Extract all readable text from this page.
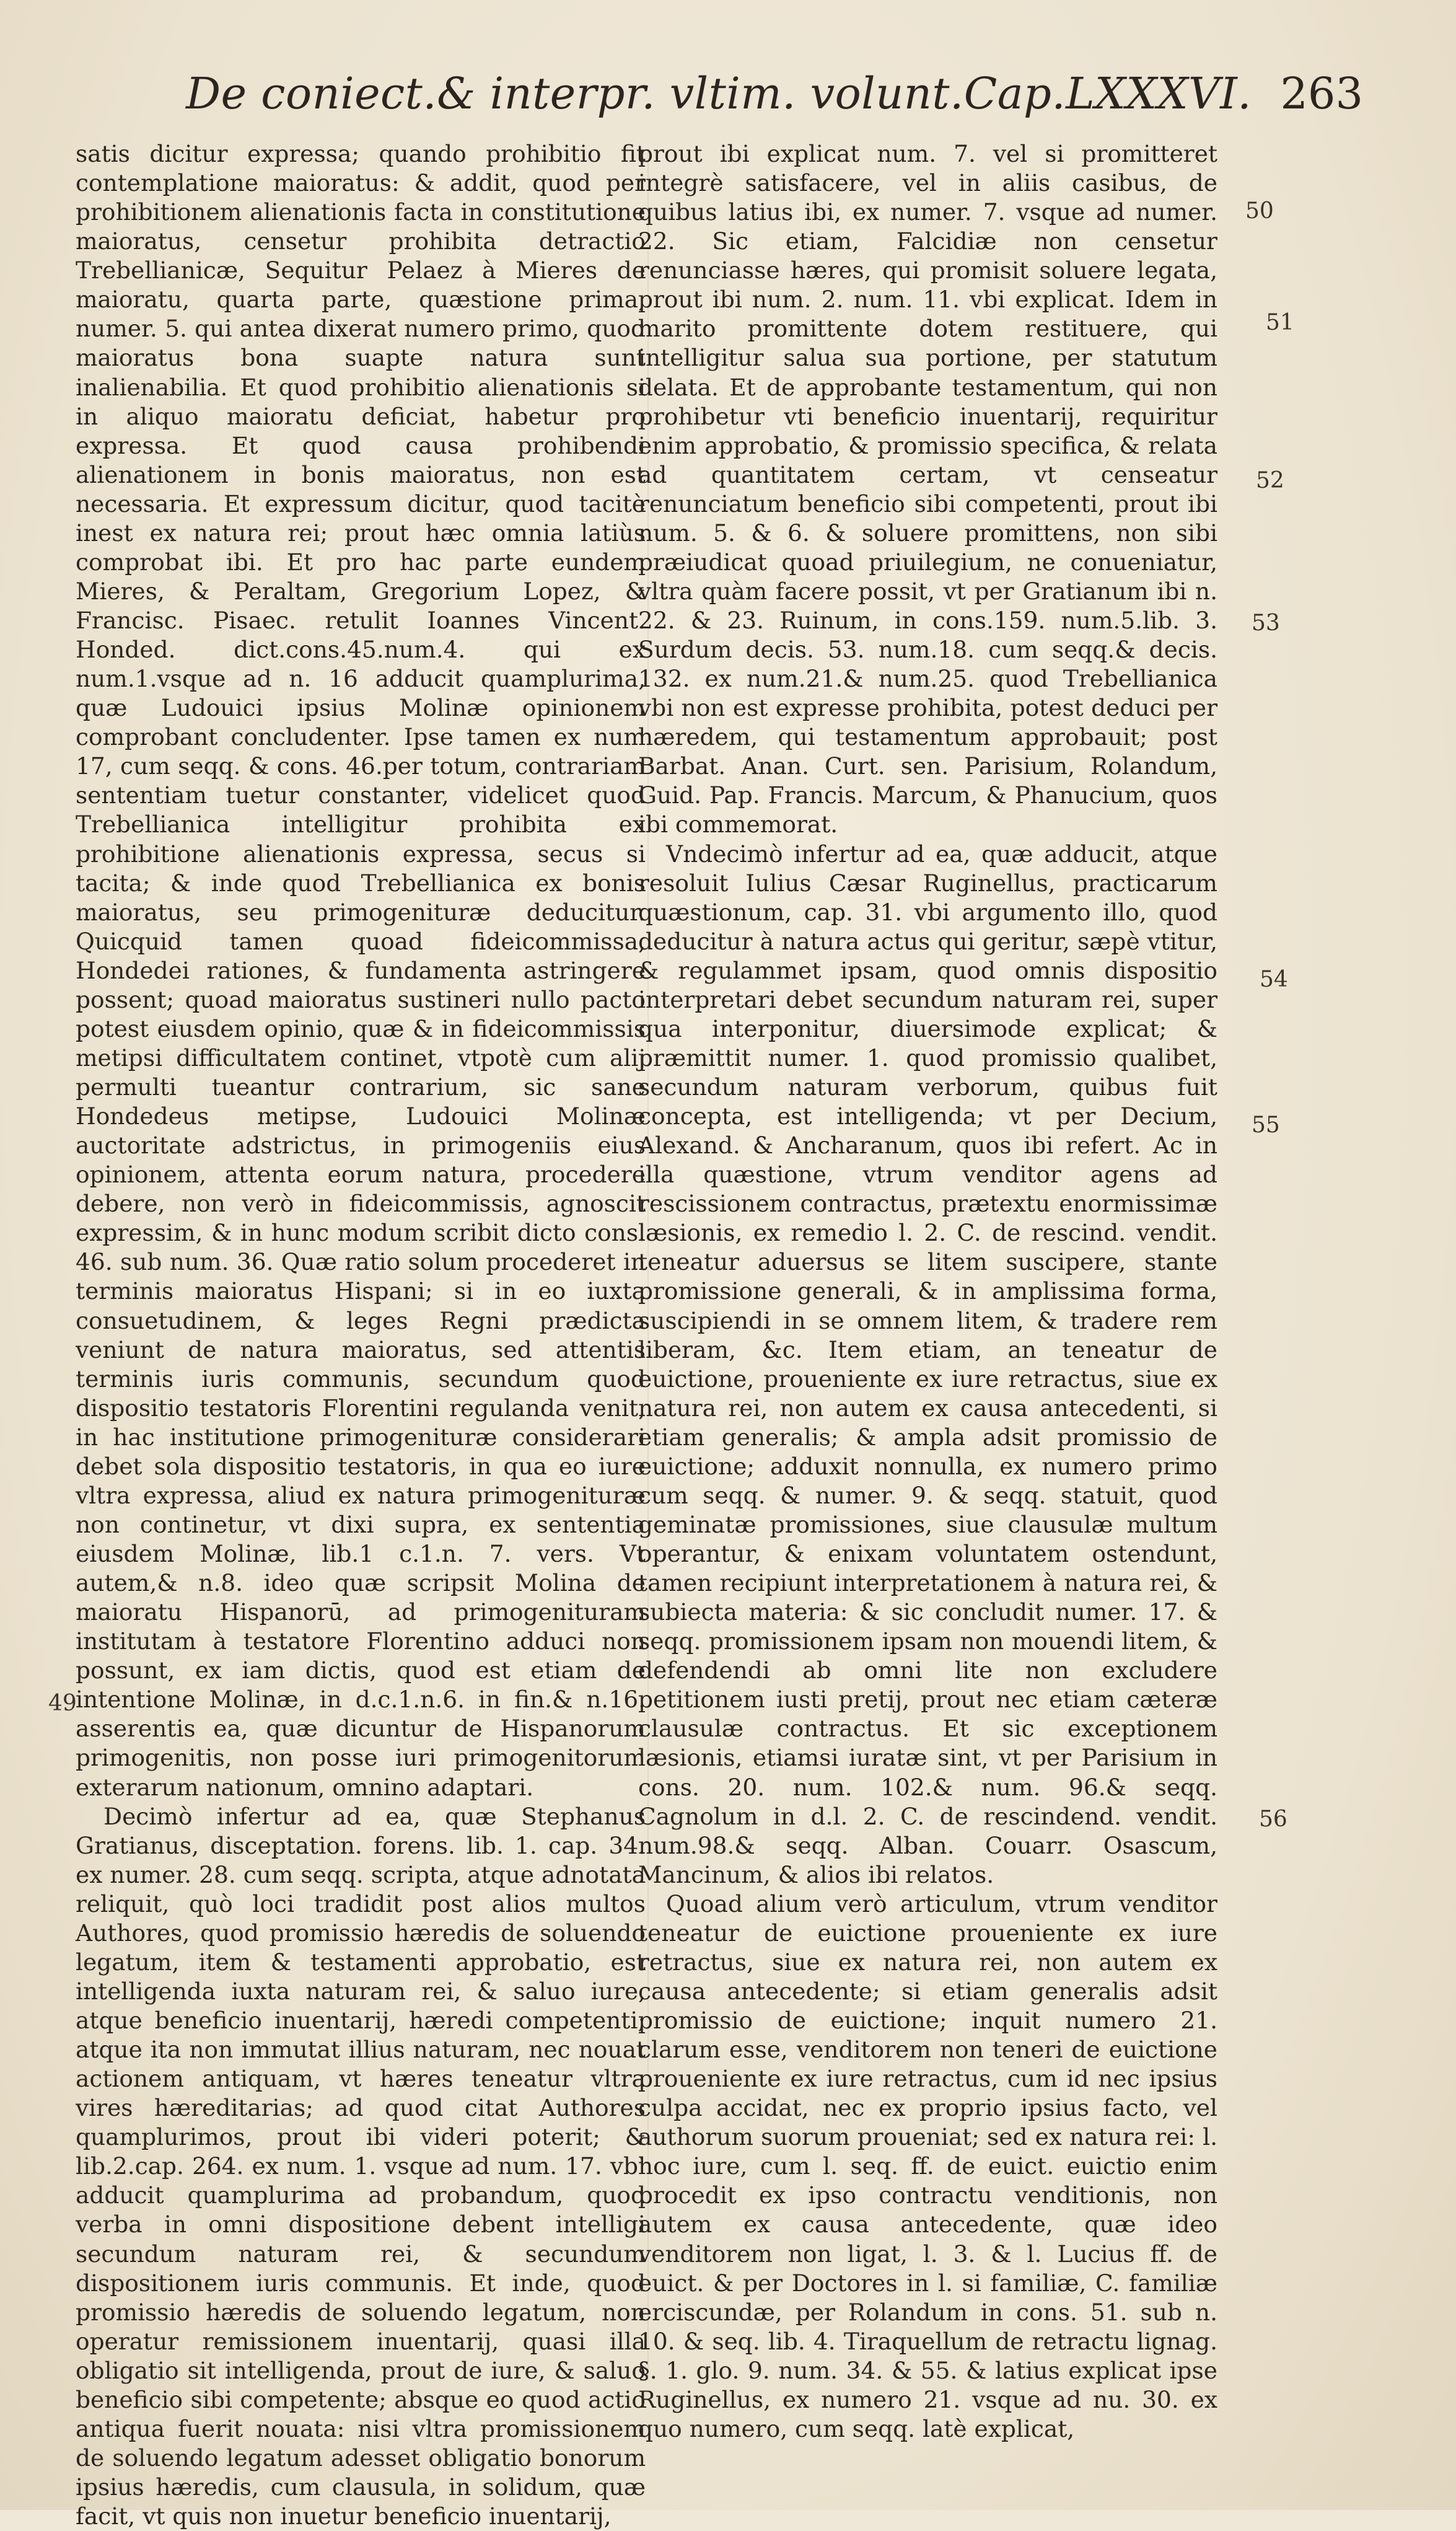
De coniect.& interpr. vltim. volunt.Cap.LXXXVI. 263

satis dicitur expressa; quando prohibitio fit contemplatione maioratus: & addit, quod per prohibitionem alienationis facta in constitutione maioratus, censetur prohibita detractio Trebellianicæ, Sequitur Pelaez à Mieres de maioratu, quarta parte, quæstione prima, numer. 5. qui antea dixerat numero primo, quod maioratus bona suapte natura sunt inalienabilia. Et quod prohibitio alienationis si in aliquo maioratu deficiat, habetur pro expressa. Et quod causa prohibendi alienationem in bonis maioratus, non est necessaria. Et expressum dicitur, quod tacitè inest ex natura rei; prout hæc omnia latiùs comprobat ibi. Et pro hac parte eundem Mieres, & Peraltam, Gregorium Lopez, & Francisc. Pisaec. retulit Ioannes Vincent. Honded. dict.cons.45.num.4. qui ex num.1.vsque ad n. 16 adducit quamplurima, quæ Ludouici ipsius Molinæ opinionem comprobant concludenter. Ipse tamen ex num 17, cum seqq. & cons. 46.per totum, contrariam sententiam tuetur constanter, videlicet quod Trebellianica intelligitur prohibita ex prohibitione alienationis expressa, secus si tacita; & inde quod Trebellianica ex bonis maioratus, seu primogenituræ deducitur. Quicquid tamen quoad fideicommissa, Hondedei rationes, & fundamenta astringere possent; quoad maioratus sustineri nullo pacto potest eiusdem opinio, quæ & in fideicommissis metipsi difficultatem continet, vtpotè cum alij permulti tueantur contrarium, sic sane Hondedeus metipse, Ludouici Molinæ auctoritate adstrictus, in primogeniis eius opinionem, attenta eorum natura, procedere debere, non verò in fideicommissis, agnoscit expressim, & in hunc modum scribit dicto cons. 46. sub num. 36. Quæ ratio solum procederet in terminis maioratus Hispani; si in eo iuxta consuetudinem, & leges Regni prædicta veniunt de natura maioratus, sed attentis terminis iuris communis, secundum quod dispositio testatoris Florentini regulanda venit, in hac institutione primogenituræ considerari debet sola dispositio testatoris, in qua eo iure vltra expressa, aliud ex natura primogenituræ non continetur, vt dixi supra, ex sententia eiusdem Molinæ, lib.1 c.1.n. 7. vers. Vt autem,& n.8. ideo quæ scripsit Molina de maioratu Hispanorū, ad primogenituram institutam à testatore Florentino adduci non possunt, ex iam dictis, quod est etiam de intentione Molinæ, in d.c.1.n.6. in fin.& n.16. asserentis ea, quæ dicuntur de Hispanorum primogenitis, non posse iuri primogenitorum exterarum nationum, omnino adaptari.

Decimò infertur ad ea, quæ Stephanus Gratianus, disceptation. forens. lib. 1. cap. 34. ex numer. 28. cum seqq. scripta, atque adnotata reliquit, quò loci tradidit post alios multos Authores, quod promissio hæredis de soluendo legatum, item & testamenti approbatio, est intelligenda iuxta naturam rei, & saluo iure, atque beneficio inuentarij, hæredi competenti; atque ita non immutat illius naturam, nec nouat actionem antiquam, vt hæres teneatur vltra vires hæreditarias; ad quod citat Authores quamplurimos, prout ibi videri poterit; & lib.2.cap. 264. ex num. 1. vsque ad num. 17. vbi adducit quamplurima ad probandum, quod verba in omni dispositione debent intelligi secundum naturam rei, & secundum dispositionem iuris communis. Et inde, quod promissio hæredis de soluendo legatum, non operatur remissionem inuentarij, quasi illa obligatio sit intelligenda, prout de iure, & saluo beneficio sibi competente; absque eo quod actio antiqua fuerit nouata: nisi vltra promissionem de soluendo legatum adesset obligatio bonorum ipsius hæredis, cum clausula, in solidum, quæ facit, vt quis non inuetur beneficio inuentarij,

prout ibi explicat num. 7. vel si promitteret integrè satisfacere, vel in aliis casibus, de quibus latius ibi, ex numer. 7. vsque ad numer. 22. Sic etiam, Falcidiæ non censetur renunciasse hæres, qui promisit soluere legata, prout ibi num. 2. num. 11. vbi explicat. Idem in marito promittente dotem restituere, qui intelligitur salua sua portione, per statutum delata. Et de approbante testamentum, qui non prohibetur vti beneficio inuentarij, requiritur enim approbatio, & promissio specifica, & relata ad quantitatem certam, vt censeatur renunciatum beneficio sibi competenti, prout ibi num. 5. & 6. & soluere promittens, non sibi præiudicat quoad priuilegium, ne conueniatur, vltra quàm facere possit, vt per Gratianum ibi n. 22. & 23. Ruinum, in cons.159. num.5.lib. 3. Surdum decis. 53. num.18. cum seqq.& decis. 132. ex num.21.& num.25. quod Trebellianica vbi non est expresse prohibita, potest deduci per hæredem, qui testamentum approbauit; post Barbat. Anan. Curt. sen. Parisium, Rolandum, Guid. Pap. Francis. Marcum, & Phanucium, quos ibi commemorat.

Vndecimò infertur ad ea, quæ adducit, atque resoluit Iulius Cæsar Ruginellus, practicarum quæstionum, cap. 31. vbi argumento illo, quod deducitur à natura actus qui geritur, sæpè vtitur, & regulammet ipsam, quod omnis dispositio interpretari debet secundum naturam rei, super qua interponitur, diuersimode explicat; & præmittit numer. 1. quod promissio qualibet, secundum naturam verborum, quibus fuit concepta, est intelligenda; vt per Decium, Alexand. & Ancharanum, quos ibi refert. Ac in illa quæstione, vtrum venditor agens ad rescissionem contractus, prætextu enormissimæ læsionis, ex remedio l. 2. C. de rescind. vendit. teneatur aduersus se litem suscipere, stante promissione generali, & in amplissima forma, suscipiendi in se omnem litem, & tradere rem liberam, &c. Item etiam, an teneatur de euictione, proueniente ex iure retractus, siue ex natura rei, non autem ex causa antecedenti, si etiam generalis; & ampla adsit promissio de euictione; adduxit nonnulla, ex numero primo cum seqq. & numer. 9. & seqq. statuit, quod geminatæ promissiones, siue clausulæ multum operantur, & enixam voluntatem ostendunt, tamen recipiunt interpretationem à natura rei, & subiecta materia: & sic concludit numer. 17. & seqq. promissionem ipsam non mouendi litem, & defendendi ab omni lite non excludere petitionem iusti pretij, prout nec etiam cæteræ clausulæ contractus. Et sic exceptionem læsionis, etiamsi iuratæ sint, vt per Parisium in cons. 20. num. 102.& num. 96.& seqq. Cagnolum in d.l. 2. C. de rescindend. vendit. num.98.& seqq. Alban. Couarr. Osascum, Mancinum, & alios ibi relatos.

Quoad alium verò articulum, vtrum venditor teneatur de euictione proueniente ex iure retractus, siue ex natura rei, non autem ex causa antecedente; si etiam generalis adsit promissio de euictione; inquit numero 21. clarum esse, venditorem non teneri de euictione proueniente ex iure retractus, cum id nec ipsius culpa accidat, nec ex proprio ipsius facto, vel authorum suorum proueniat; sed ex natura rei: l. hoc iure, cum l. seq. ff. de euict. euictio enim procedit ex ipso contractu venditionis, non autem ex causa antecedente, quæ ideo venditorem non ligat, l. 3. & l. Lucius ff. de euict. & per Doctores in l. si familiæ, C. familiæ erciscundæ, per Rolandum in cons. 51. sub n. 10. & seq. lib. 4. Tiraquellum de retractu lignag. §. 1. glo. 9. num. 34. & 55. & latius explicat ipse Ruginellus, ex numero 21. vsque ad nu. 30. ex quo numero, cum seqq. latè explicat,

49
50
51
52
53
54
55
56
